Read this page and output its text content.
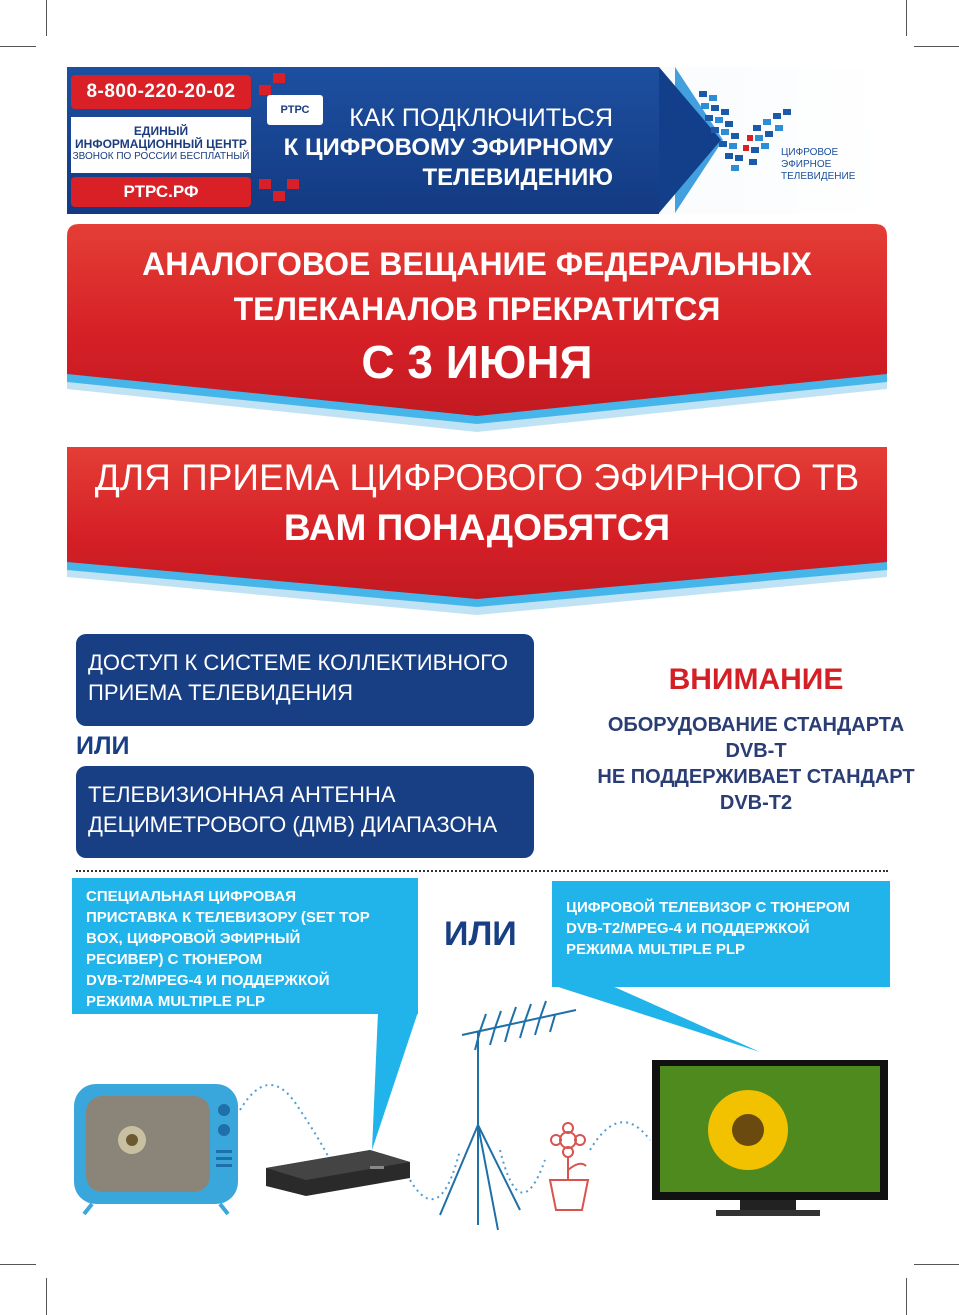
8-800-220-20-02
ЕДИНЫЙ
ИНФОРМАЦИОННЫЙ ЦЕНТР
ЗВОНОК ПО РОССИИ БЕСПЛАТНЫЙ
РТРС.РФ
РТРС	КАК ПОДКЛЮЧИТЬСЯ
К ЦИФРОВОМУ ЭФИРНОМУ
ТЕЛЕВИДЕНИЮ
ЦИФРОВОЕ
ЭФИРНОЕ
ТЕЛЕВИДЕНИЕ
АНАЛОГОВОЕ ВЕЩАНИЕ ФЕДЕРАЛЬНЫХ
ТЕЛЕКАНАЛОВ ПРЕКРАТИТСЯ
С 3 ИЮНЯ
ДЛЯ ПРИЕМА ЦИФРОВОГО ЭФИРНОГО ТВ
ВАМ ПОНАДОБЯТСЯ
ДОСТУП К СИСТЕМЕ КОЛЛЕКТИВНОГО
ПРИЕМА ТЕЛЕВИДЕНИЯ
ИЛИ
ТЕЛЕВИЗИОННАЯ АНТЕННА
ДЕЦИМЕТРОВОГО (ДМВ) ДИАПАЗОНА
ВНИМАНИЕ
ОБОРУДОВАНИЕ СТАНДАРТА
DVB-T
НЕ ПОДДЕРЖИВАЕТ СТАНДАРТ
DVB-T2
СПЕЦИАЛЬНАЯ ЦИФРОВАЯ
ПРИСТАВКА К ТЕЛЕВИЗОРУ (SET TOP
BOX, ЦИФРОВОЙ ЭФИРНЫЙ
РЕСИВЕР) С ТЮНЕРОМ
DVB-T2/MPEG-4 И ПОДДЕРЖКОЙ
РЕЖИМА MULTIPLE PLP
ИЛИ
ЦИФРОВОЙ ТЕЛЕВИЗОР С ТЮНЕРОМ
DVB-T2/MPEG-4 И ПОДДЕРЖКОЙ
РЕЖИМА MULTIPLE PLP
